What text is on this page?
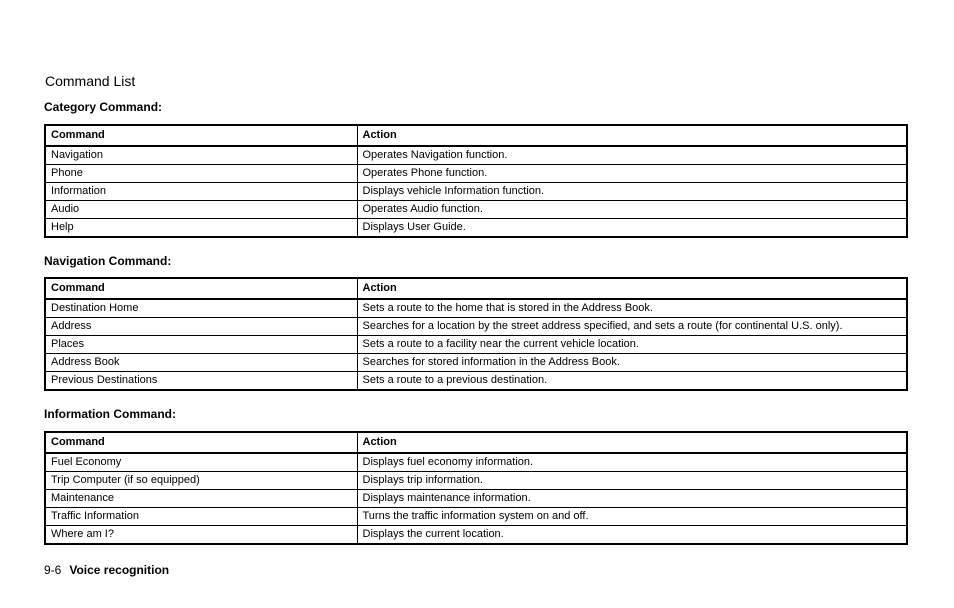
Command List
Category Command:
Command	Action
Navigation	Operates Navigation function.
Phone	Operates Phone function.
Information	Displays vehicle Information function.
Audio	Operates Audio function.
Help	Displays User Guide.
Navigation Command:
Command	Action
Destination Home	Sets a route to the home that is stored in the Address Book.
Address	Searches for a location by the street address specified, and sets a route (for continental U.S. only).
Places	Sets a route to a facility near the current vehicle location.
Address Book	Searches for stored information in the Address Book.
Previous Destinations	Sets a route to a previous destination.
Information Command:
Command	Action
Fuel Economy	Displays fuel economy information.
Trip Computer (if so equipped)	Displays trip information.
Maintenance	Displays maintenance information.
Traffic Information	Turns the traffic information system on and off.
Where am I?	Displays the current location.
9-6 Voice recognition
